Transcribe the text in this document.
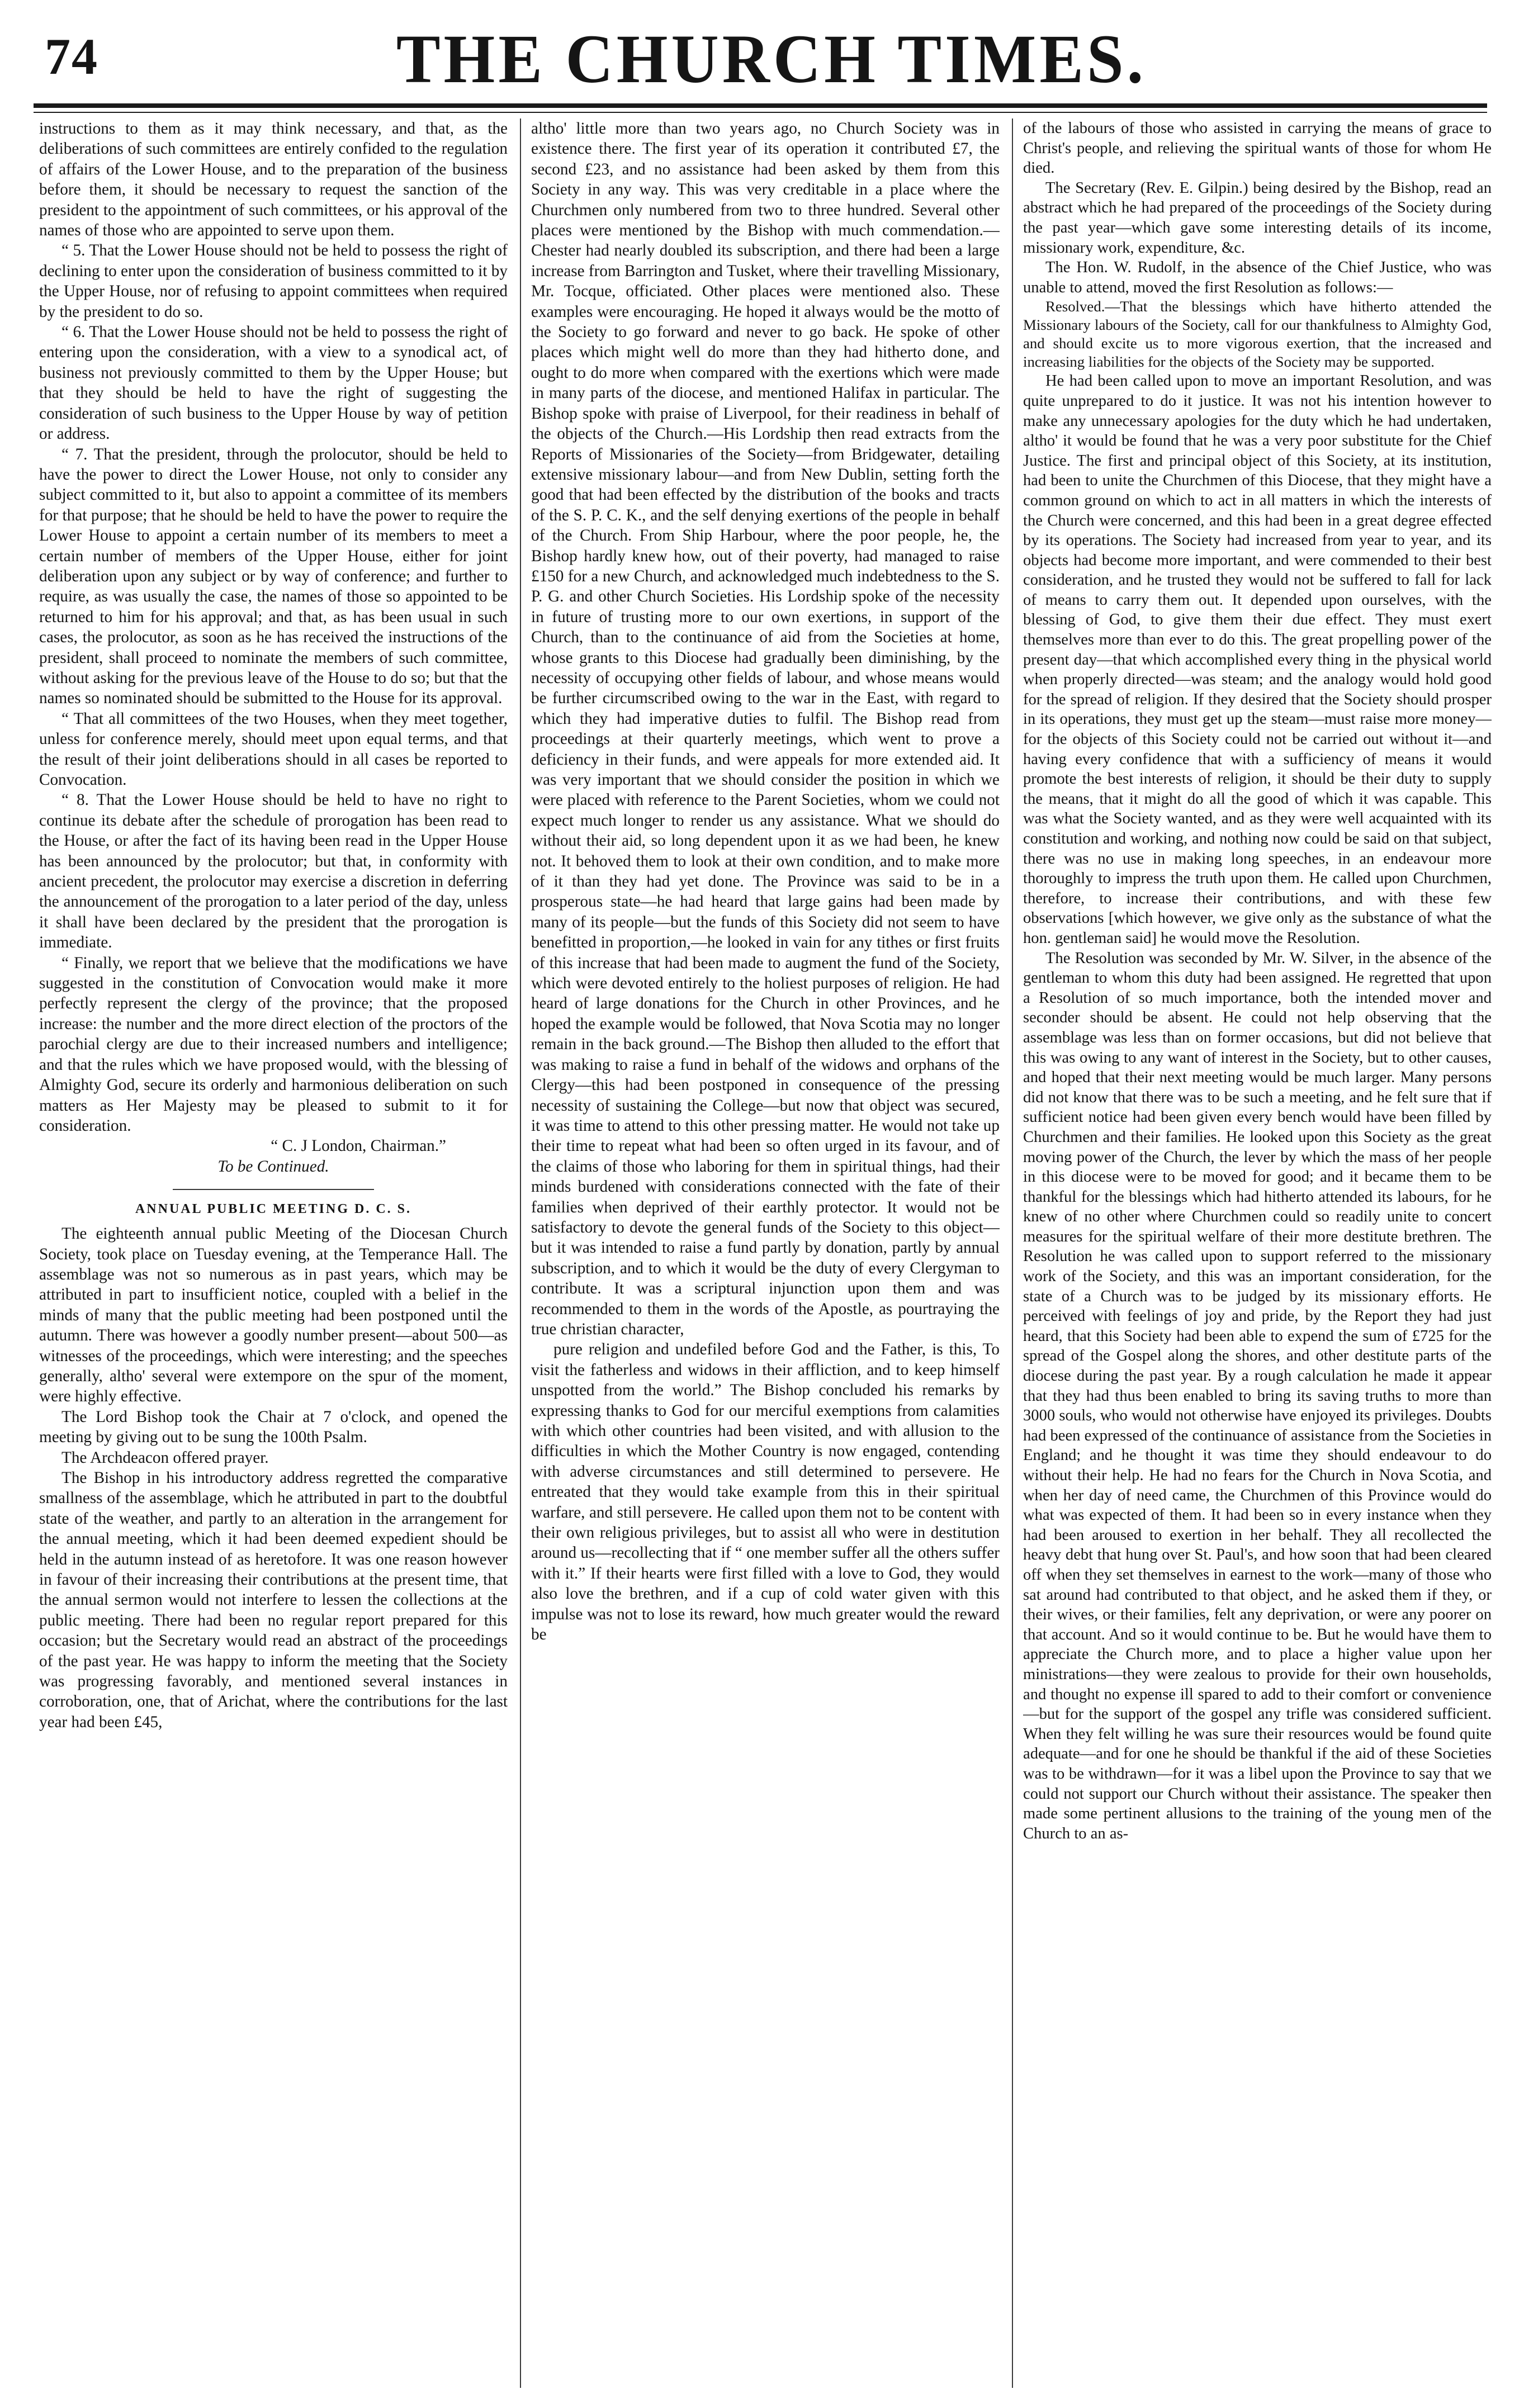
74	THE CHURCH TIMES.

instructions to them as it may think necessary, and that, as the deliberations of such committees are entirely confided to the regulation of affairs of the Lower House, and to the preparation of the business before them, it should be necessary to request the sanction of the president to the appointment of such committees, or his approval of the names of those who are appointed to serve upon them.

“ 5. That the Lower House should not be held to possess the right of declining to enter upon the consideration of business committed to it by the Upper House, nor of refusing to appoint committees when required by the president to do so.

“ 6. That the Lower House should not be held to possess the right of entering upon the consideration, with a view to a synodical act, of business not previously committed to them by the Upper House; but that they should be held to have the right of suggesting the consideration of such business to the Upper House by way of petition or address.

“ 7. That the president, through the prolocutor, should be held to have the power to direct the Lower House, not only to consider any subject committed to it, but also to appoint a committee of its members for that purpose; that he should be held to have the power to require the Lower House to appoint a certain number of its members to meet a certain number of members of the Upper House, either for joint deliberation upon any subject or by way of conference; and further to require, as was usually the case, the names of those so appointed to be returned to him for his approval; and that, as has been usual in such cases, the prolocutor, as soon as he has received the instructions of the president, shall proceed to nominate the members of such committee, without asking for the previous leave of the House to do so; but that the names so nominated should be submitted to the House for its approval.

“ That all committees of the two Houses, when they meet together, unless for conference merely, should meet upon equal terms, and that the result of their joint deliberations should in all cases be reported to Convocation.

“ 8. That the Lower House should be held to have no right to continue its debate after the schedule of prorogation has been read to the House, or after the fact of its having been read in the Upper House has been announced by the prolocutor; but that, in conformity with ancient precedent, the prolocutor may exercise a discretion in deferring the announcement of the prorogation to a later period of the day, unless it shall have been declared by the president that the prorogation is immediate.

“ Finally, we report that we believe that the modifications we have suggested in the constitution of Convocation would make it more perfectly represent the clergy of the province; that the proposed increase: the number and the more direct election of the proctors of the parochial clergy are due to their increased numbers and intelligence; and that the rules which we have proposed would, with the blessing of Almighty God, secure its orderly and harmonious deliberation on such matters as Her Majesty may be pleased to submit to it for consideration.

“ C. J London, Chairman.”

To be Continued.

ANNUAL PUBLIC MEETING D. C. S.

The eighteenth annual public Meeting of the Diocesan Church Society, took place on Tuesday evening, at the Temperance Hall. The assemblage was not so numerous as in past years, which may be attributed in part to insufficient notice, coupled with a belief in the minds of many that the public meeting had been postponed until the autumn. There was however a goodly number present—about 500—as witnesses of the proceedings, which were interesting; and the speeches generally, altho' several were extempore on the spur of the moment, were highly effective.

The Lord Bishop took the Chair at 7 o'clock, and opened the meeting by giving out to be sung the 100th Psalm.

The Archdeacon offered prayer.

The Bishop in his introductory address regretted the comparative smallness of the assemblage, which he attributed in part to the doubtful state of the weather, and partly to an alteration in the arrangement for the annual meeting, which it had been deemed expedient should be held in the autumn instead of as heretofore. It was one reason however in favour of their increasing their contributions at the present time, that the annual sermon would not interfere to lessen the collections at the public meeting. There had been no regular report prepared for this occasion; but the Secretary would read an abstract of the proceedings of the past year. He was happy to inform the meeting that the Society was progressing favorably, and mentioned several instances in corroboration, one, that of Arichat, where the contributions for the last year had been £45,

altho' little more than two years ago, no Church Society was in existence there. The first year of its operation it contributed £7, the second £23, and no assistance had been asked by them from this Society in any way. This was very creditable in a place where the Churchmen only numbered from two to three hundred. Several other places were mentioned by the Bishop with much commendation.—Chester had nearly doubled its subscription, and there had been a large increase from Barrington and Tusket, where their travelling Missionary, Mr. Tocque, officiated. Other places were mentioned also. These examples were encouraging. He hoped it always would be the motto of the Society to go forward and never to go back. He spoke of other places which might well do more than they had hitherto done, and ought to do more when compared with the exertions which were made in many parts of the diocese, and mentioned Halifax in particular. The Bishop spoke with praise of Liverpool, for their readiness in behalf of the objects of the Church.—His Lordship then read extracts from the Reports of Missionaries of the Society—from Bridgewater, detailing extensive missionary labour—and from New Dublin, setting forth the good that had been effected by the distribution of the books and tracts of the S. P. C. K., and the self denying exertions of the people in behalf of the Church. From Ship Harbour, where the poor people, he, the Bishop hardly knew how, out of their poverty, had managed to raise £150 for a new Church, and acknowledged much indebtedness to the S. P. G. and other Church Societies. His Lordship spoke of the necessity in future of trusting more to our own exertions, in support of the Church, than to the continuance of aid from the Societies at home, whose grants to this Diocese had gradually been diminishing, by the necessity of occupying other fields of labour, and whose means would be further circumscribed owing to the war in the East, with regard to which they had imperative duties to fulfil. The Bishop read from proceedings at their quarterly meetings, which went to prove a deficiency in their funds, and were appeals for more extended aid. It was very important that we should consider the position in which we were placed with reference to the Parent Societies, whom we could not expect much longer to render us any assistance. What we should do without their aid, so long dependent upon it as we had been, he knew not. It behoved them to look at their own condition, and to make more of it than they had yet done. The Province was said to be in a prosperous state—he had heard that large gains had been made by many of its people—but the funds of this Society did not seem to have benefitted in proportion,—he looked in vain for any tithes or first fruits of this increase that had been made to augment the fund of the Society, which were devoted entirely to the holiest purposes of religion. He had heard of large donations for the Church in other Provinces, and he hoped the example would be followed, that Nova Scotia may no longer remain in the back ground.—The Bishop then alluded to the effort that was making to raise a fund in behalf of the widows and orphans of the Clergy—this had been postponed in consequence of the pressing necessity of sustaining the College—but now that object was secured, it was time to attend to this other pressing matter. He would not take up their time to repeat what had been so often urged in its favour, and of the claims of those who laboring for them in spiritual things, had their minds burdened with considerations connected with the fate of their families when deprived of their earthly protector. It would not be satisfactory to devote the general funds of the Society to this object—but it was intended to raise a fund partly by donation, partly by annual subscription, and to which it would be the duty of every Clergyman to contribute. It was a scriptural injunction upon them and was recommended to them in the words of the Apostle, as pourtraying the true christian character,

pure religion and undefiled before God and the Father, is this, To visit the fatherless and widows in their affliction, and to keep himself unspotted from the world.” The Bishop concluded his remarks by expressing thanks to God for our merciful exemptions from calamities with which other countries had been visited, and with allusion to the difficulties in which the Mother Country is now engaged, contending with adverse circumstances and still determined to persevere. He entreated that they would take example from this in their spiritual warfare, and still persevere. He called upon them not to be content with their own religious privileges, but to assist all who were in destitution around us—recollecting that if “ one member suffer all the others suffer with it.” If their hearts were first filled with a love to God, they would also love the brethren, and if a cup of cold water given with this impulse was not to lose its reward, how much greater would the reward be

of the labours of those who assisted in carrying the means of grace to Christ's people, and relieving the spiritual wants of those for whom He died.

The Secretary (Rev. E. Gilpin.) being desired by the Bishop, read an abstract which he had prepared of the proceedings of the Society during the past year—which gave some interesting details of its income, missionary work, expenditure, &c.

The Hon. W. Rudolf, in the absence of the Chief Justice, who was unable to attend, moved the first Resolution as follows:—

Resolved.—That the blessings which have hitherto attended the Missionary labours of the Society, call for our thankfulness to Almighty God, and should excite us to more vigorous exertion, that the increased and increasing liabilities for the objects of the Society may be supported.

He had been called upon to move an important Resolution, and was quite unprepared to do it justice. It was not his intention however to make any unnecessary apologies for the duty which he had undertaken, altho' it would be found that he was a very poor substitute for the Chief Justice. The first and principal object of this Society, at its institution, had been to unite the Churchmen of this Diocese, that they might have a common ground on which to act in all matters in which the interests of the Church were concerned, and this had been in a great degree effected by its operations. The Society had increased from year to year, and its objects had become more important, and were commended to their best consideration, and he trusted they would not be suffered to fall for lack of means to carry them out. It depended upon ourselves, with the blessing of God, to give them their due effect. They must exert themselves more than ever to do this. The great propelling power of the present day—that which accomplished every thing in the physical world when properly directed—was steam; and the analogy would hold good for the spread of religion. If they desired that the Society should prosper in its operations, they must get up the steam—must raise more money—for the objects of this Society could not be carried out without it—and having every confidence that with a sufficiency of means it would promote the best interests of religion, it should be their duty to supply the means, that it might do all the good of which it was capable. This was what the Society wanted, and as they were well acquainted with its constitution and working, and nothing now could be said on that subject, there was no use in making long speeches, in an endeavour more thoroughly to impress the truth upon them. He called upon Churchmen, therefore, to increase their contributions, and with these few observations [which however, we give only as the substance of what the hon. gentleman said] he would move the Resolution.

The Resolution was seconded by Mr. W. Silver, in the absence of the gentleman to whom this duty had been assigned. He regretted that upon a Resolution of so much importance, both the intended mover and seconder should be absent. He could not help observing that the assemblage was less than on former occasions, but did not believe that this was owing to any want of interest in the Society, but to other causes, and hoped that their next meeting would be much larger. Many persons did not know that there was to be such a meeting, and he felt sure that if sufficient notice had been given every bench would have been filled by Churchmen and their families. He looked upon this Society as the great moving power of the Church, the lever by which the mass of her people in this diocese were to be moved for good; and it became them to be thankful for the blessings which had hitherto attended its labours, for he knew of no other where Churchmen could so readily unite to concert measures for the spiritual welfare of their more destitute brethren. The Resolution he was called upon to support referred to the missionary work of the Society, and this was an important consideration, for the state of a Church was to be judged by its missionary efforts. He perceived with feelings of joy and pride, by the Report they had just heard, that this Society had been able to expend the sum of £725 for the spread of the Gospel along the shores, and other destitute parts of the diocese during the past year. By a rough calculation he made it appear that they had thus been enabled to bring its saving truths to more than 3000 souls, who would not otherwise have enjoyed its privileges. Doubts had been expressed of the continuance of assistance from the Societies in England; and he thought it was time they should endeavour to do without their help. He had no fears for the Church in Nova Scotia, and when her day of need came, the Churchmen of this Province would do what was expected of them. It had been so in every instance when they had been aroused to exertion in her behalf. They all recollected the heavy debt that hung over St. Paul's, and how soon that had been cleared off when they set themselves in earnest to the work—many of those who sat around had contributed to that object, and he asked them if they, or their wives, or their families, felt any deprivation, or were any poorer on that account. And so it would continue to be. But he would have them to appreciate the Church more, and to place a higher value upon her ministrations—they were zealous to provide for their own households, and thought no expense ill spared to add to their comfort or convenience—but for the support of the gospel any trifle was considered sufficient. When they felt willing he was sure their resources would be found quite adequate—and for one he should be thankful if the aid of these Societies was to be withdrawn—for it was a libel upon the Province to say that we could not support our Church without their assistance. The speaker then made some pertinent allusions to the training of the young men of the Church to an as-
